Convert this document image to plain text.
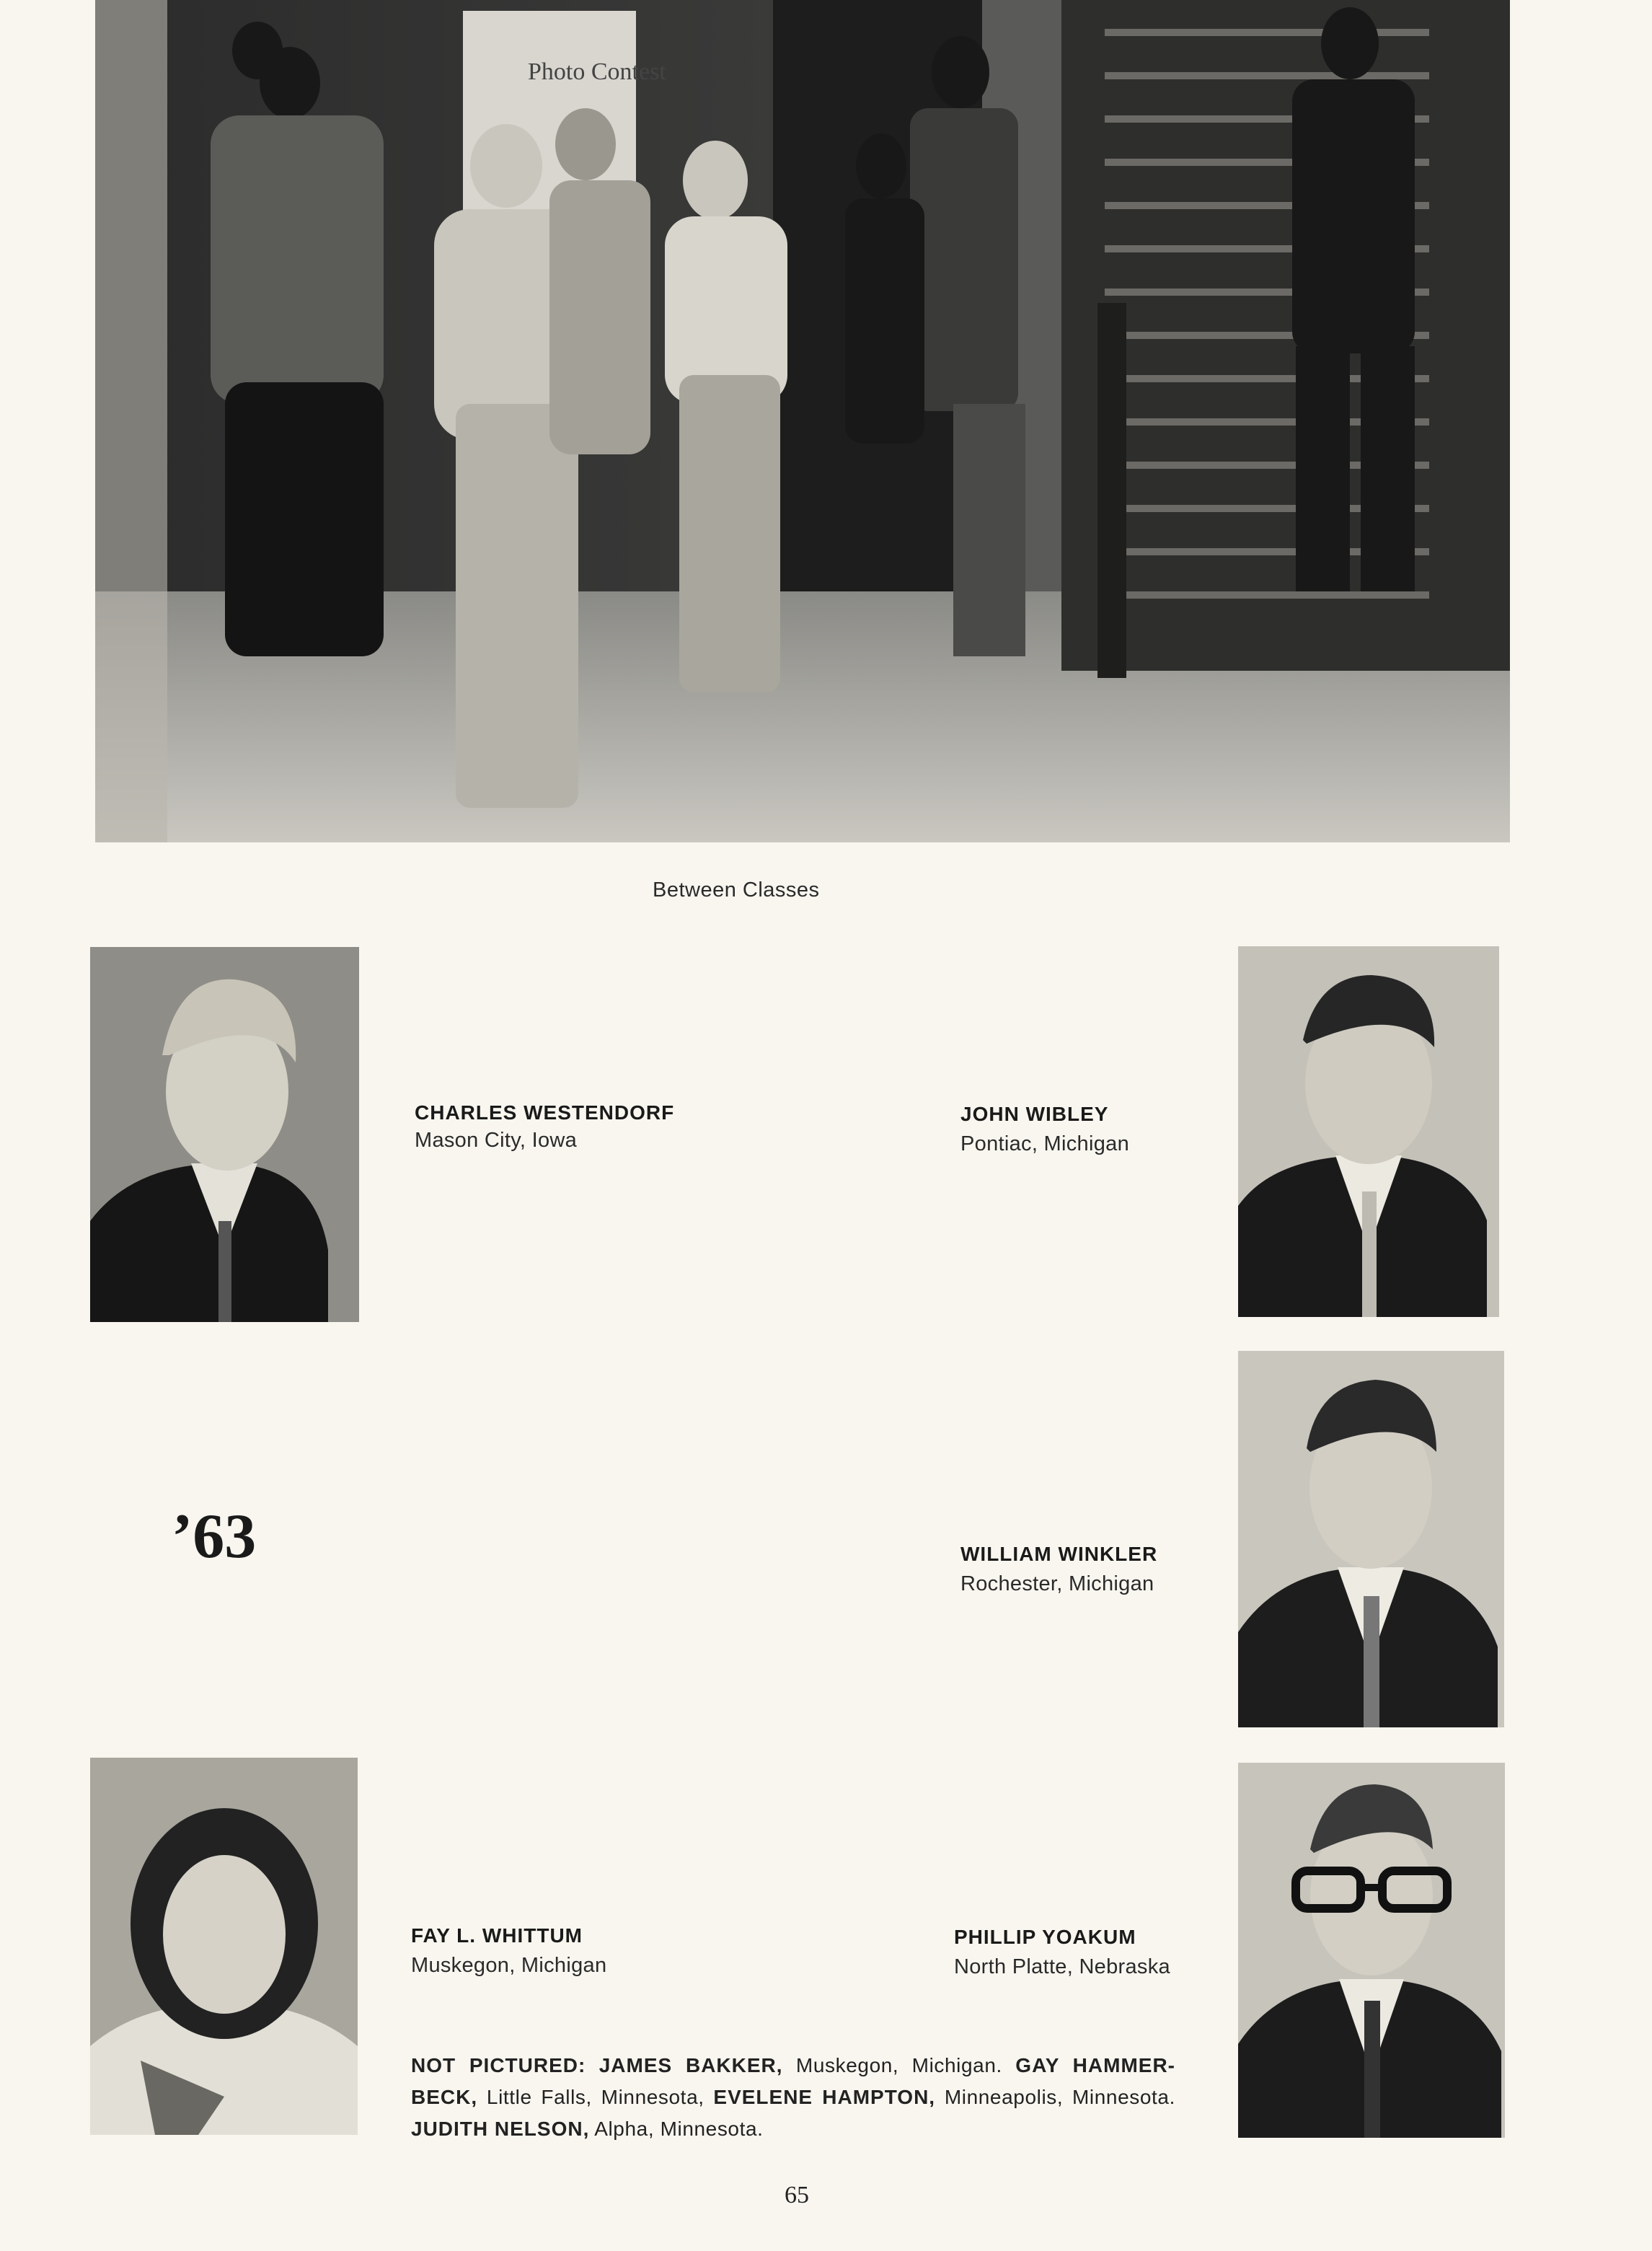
Photo Contest
Between Classes
CHARLES WESTENDORF
Mason City, Iowa
JOHN WIBLEY
Pontiac, Michigan
WILLIAM WINKLER
Rochester, Michigan
’63
FAY L. WHITTUM
Muskegon, Michigan
PHILLIP YOAKUM
North Platte, Nebraska
NOT PICTURED: JAMES BAKKER, Muskegon, Michigan. GAY HAMMER-BECK, Little Falls, Minnesota, EVELENE HAMPTON, Minneapolis, Minnesota. JUDITH NELSON, Alpha, Minnesota.
65
